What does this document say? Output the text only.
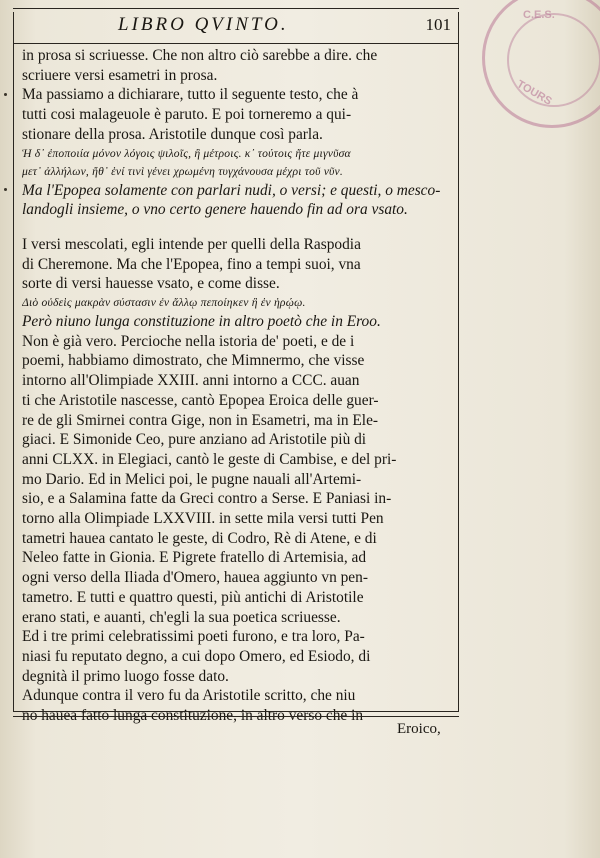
C.E.S.
TOURS
LIBRO QVINTO.	101
in prosa si scriuesse. Che non altro ciò sarebbe a dire. che
scriuere versi esametri in prosa.
Ma passiamo a dichiarare, tutto il seguente testo, che à
tutti cosi malageuole è paruto. E poi torneremo a qui-
stionare della prosa. Aristotile dunque così parla.
Ἡ δ᾽ ἐποποιία μόνον λόγοις ψιλοῖς, ἢ μέτροις. κ᾽ τούτοις ἤτε μιγνῦσα
μετ᾽ ἀλλήλων, ἤθ᾽ ἑνί τινὶ γένει χρωμένη τυγχάνουσα μέχρι τοῦ νῦν.
Ma l'Epopea solamente con parlari nudi, o versi; e questi, o mesco-
landogli insieme, o vno certo genere hauendo fin ad ora vsato.
I versi mescolati, egli intende per quelli della Raspodia
di Cheremone. Ma che l'Epopea, fino a tempi suoi, vna
sorte di versi hauesse vsato, e come disse.
Διὸ οὐδεὶς μακρὰν σύστασιν ἐν ἄλλῳ πεποίηκεν ἢ ἐν ἡρῴῳ.
Però niuno lunga constituzione in altro poetò che in Eroo.
Non è già vero. Percioche nella istoria de' poeti, e de i
poemi, habbiamo dimostrato, che Mimnermo, che visse
intorno all'Olimpiade XXIII. anni intorno a CCC. auan
ti che Aristotile nascesse, cantò Epopea Eroica delle guer-
re de gli Smirnei contra Gige, non in Esametri, ma in Ele-
giaci. E Simonide Ceo, pure anziano ad Aristotile più di
anni CLXX. in Elegiaci, cantò le geste di Cambise, e del pri-
mo Dario. Ed in Melici poi, le pugne nauali all'Artemi-
sio, e a Salamina fatte da Greci contro a Serse. E Paniasi in-
torno alla Olimpiade LXXVIII. in sette mila versi tutti Pen
tametri hauea cantato le geste, di Codro, Rè di Atene, e di
Neleo fatte in Gionia. E Pigrete fratello di Artemisia, ad
ogni verso della Iliada d'Omero, hauea aggiunto vn pen-
tametro. E tutti e quattro questi, più antichi di Aristotile
erano stati, e auanti, ch'egli la sua poetica scriuesse.
Ed i tre primi celebratissimi poeti furono, e tra loro, Pa-
niasi fu reputato degno, a cui dopo Omero, ed Esiodo, di
degnità il primo luogo fosse dato.
Adunque contra il vero fu da Aristotile scritto, che niu
no hauea fatto lunga constituzione, in altro verso che in
Eroico,
